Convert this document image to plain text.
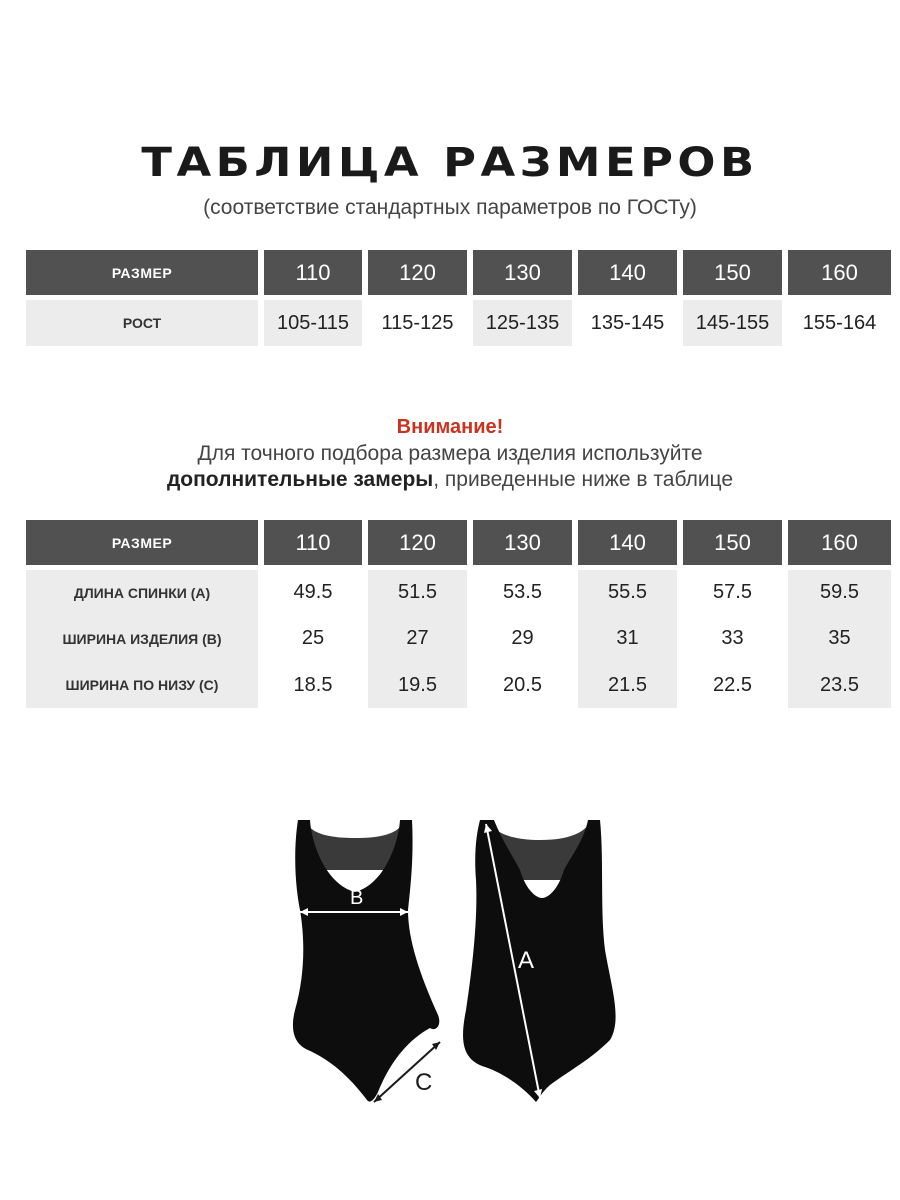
ТАБЛИЦА РАЗМЕРОВ
(соответствие стандартных параметров по ГОСТу)
РАЗМЕР	110	120	130	140	150	160
РОСТ	105-115	115-125	125-135	135-145	145-155	155-164
Внимание!
Для точного подбора размера изделия используйте
дополнительные замеры, приведенные ниже в таблице
РАЗМЕР	110	120	130	140	150	160
ДЛИНА СПИНКИ (А)	49.5	51.5	53.5	55.5	57.5	59.5
ШИРИНА ИЗДЕЛИЯ (В)	25	27	29	31	33	35
ШИРИНА ПО НИЗУ (С)	18.5	19.5	20.5	21.5	22.5	23.5
B
C
A
